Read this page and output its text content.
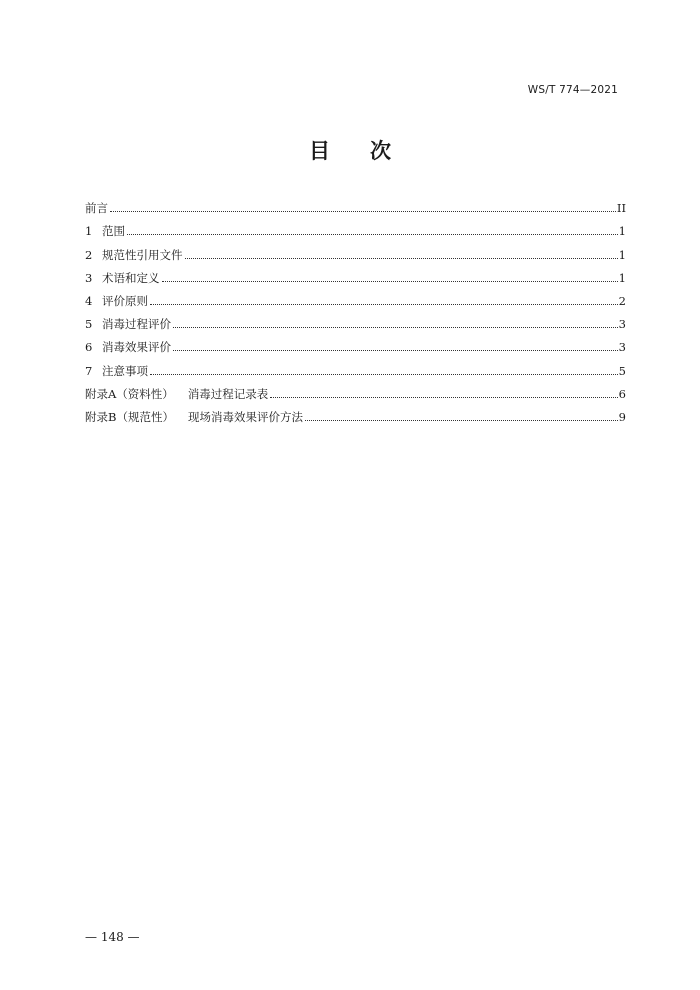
WS/T 774—2021
目次
前言	II
1 范围	1
2 规范性引用文件	1
3 术语和定义	1
4 评价原则	2
5 消毒过程评价	3
6 消毒效果评价	3
7 注意事项	5
附录A（资料性） 消毒过程记录表	6
附录B（规范性） 现场消毒效果评价方法	9
— 148 —
